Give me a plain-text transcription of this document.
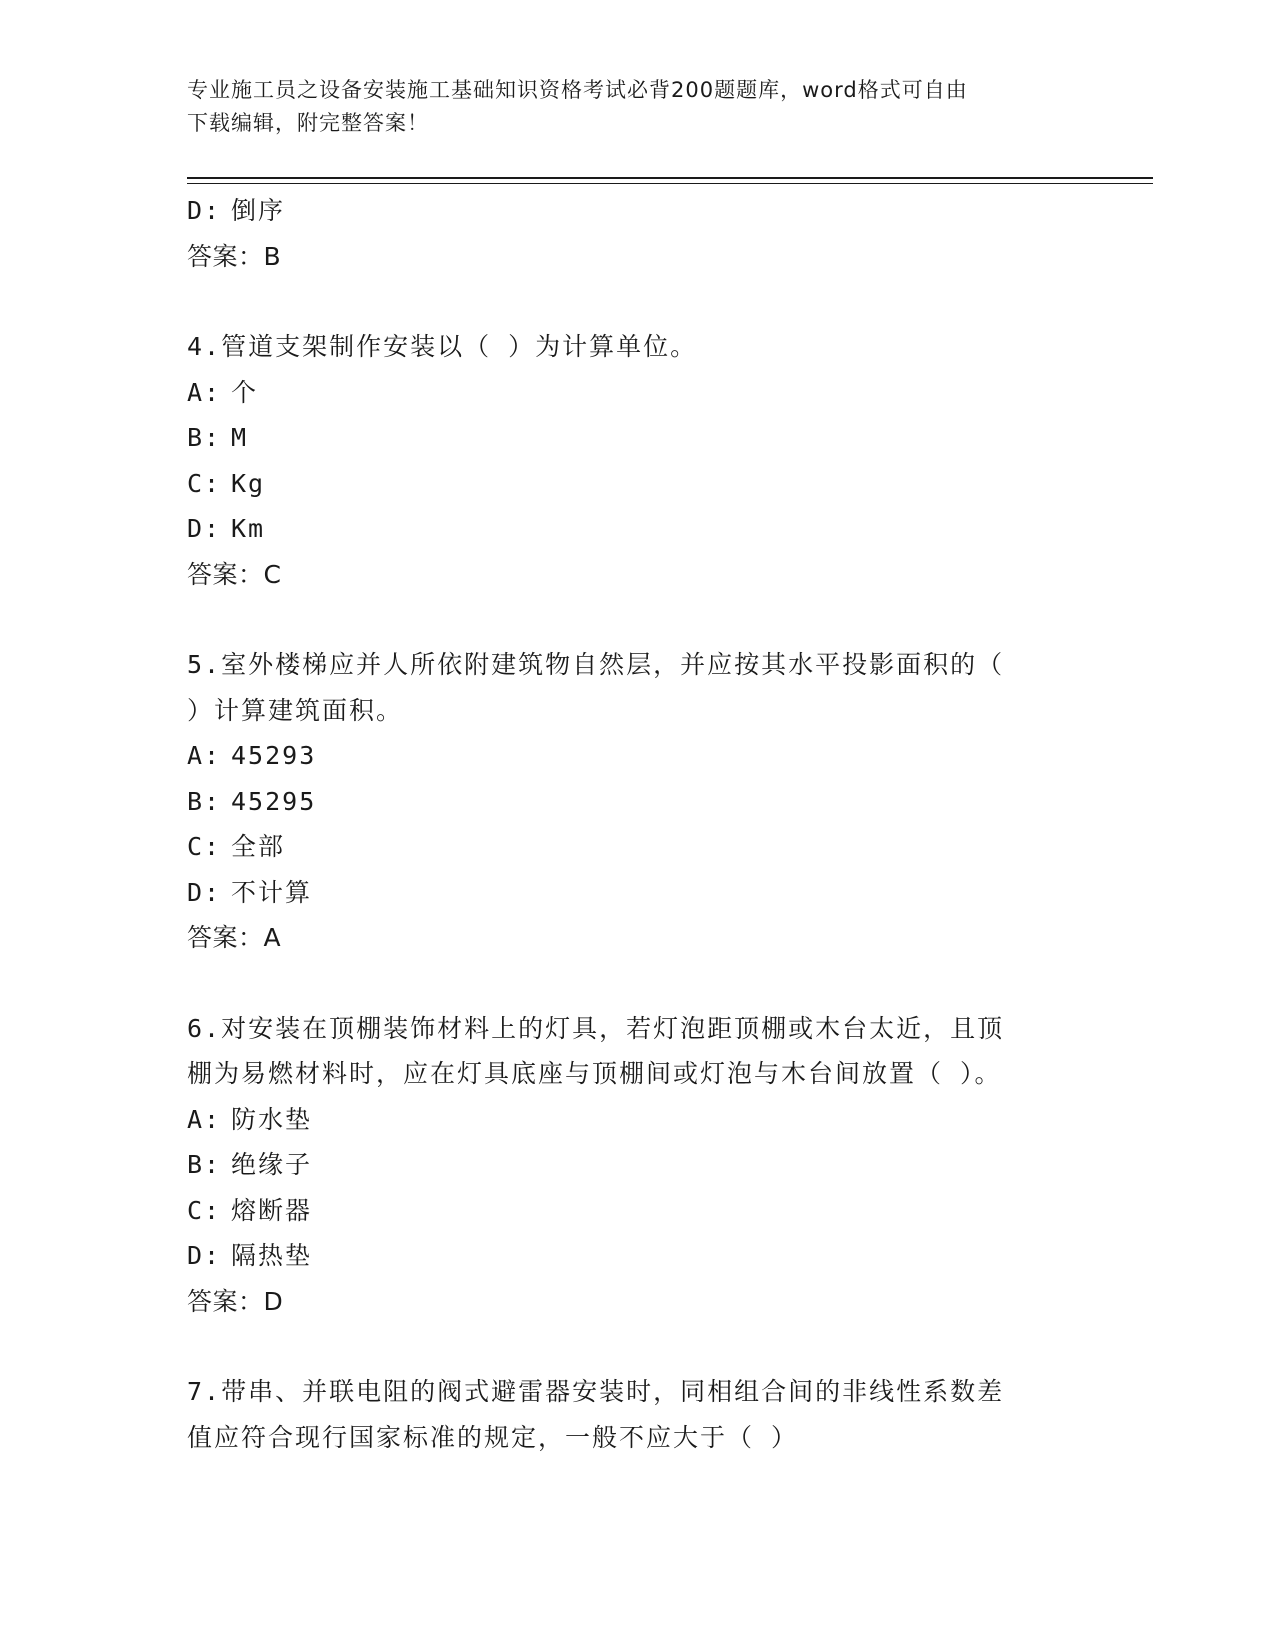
专业施工员之设备安装施工基础知识资格考试必背200题题库，word格式可自由
下载编辑，附完整答案！
D: 倒序
答案：B
4.管道支架制作安装以（ ）为计算单位。
A: 个
B: M
C: Kg
D: Km
答案：C
5.室外楼梯应并人所依附建筑物自然层，并应按其水平投影面积的（
）计算建筑面积。
A: 45293
B: 45295
C: 全部
D: 不计算
答案：A
6.对安装在顶棚装饰材料上的灯具，若灯泡距顶棚或木台太近，且顶
棚为易燃材料时，应在灯具底座与顶棚间或灯泡与木台间放置（ ）。
A: 防水垫
B: 绝缘子
C: 熔断器
D: 隔热垫
答案：D
7.带串、并联电阻的阀式避雷器安装时，同相组合间的非线性系数差
值应符合现行国家标准的规定，一般不应大于（ ）
